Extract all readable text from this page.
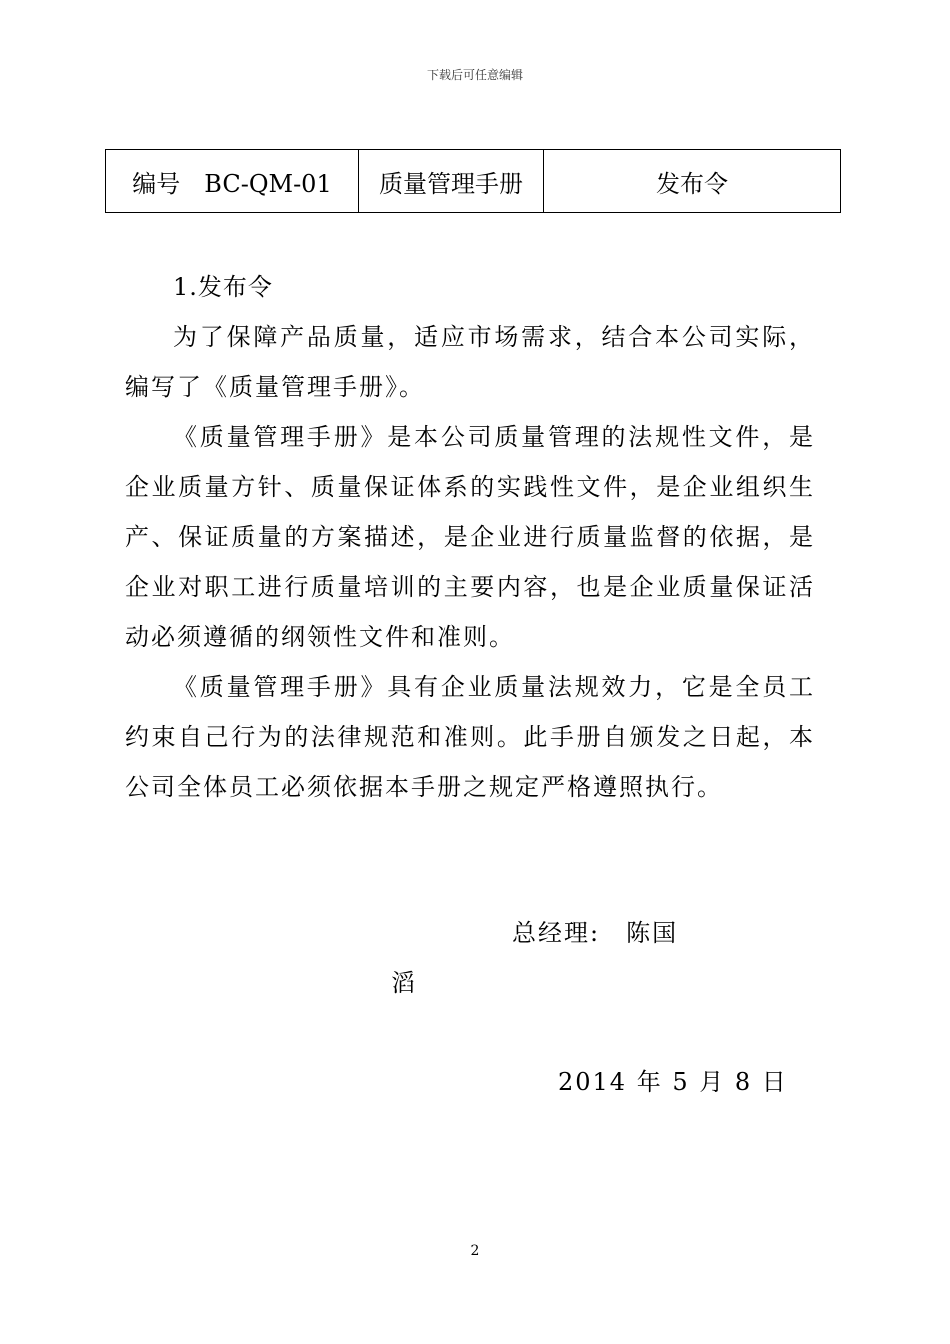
下载后可任意编辑
编号　BC-QM-01	质量管理手册	发布令
1.发布令

为了保障产品质量，适应市场需求，结合本公司实际，编写了《质量管理手册》。

《质量管理手册》是本公司质量管理的法规性文件，是企业质量方针、质量保证体系的实践性文件，是企业组织生产、保证质量的方案描述，是企业进行质量监督的依据，是企业对职工进行质量培训的主要内容，也是企业质量保证活动必须遵循的纲领性文件和准则。

《质量管理手册》具有企业质量法规效力，它是全员工约束自己行为的法律规范和准则。此手册自颁发之日起，本公司全体员工必须依据本手册之规定严格遵照执行。

总经理:　陈国
滔
2014 年 5 月 8 日
2
